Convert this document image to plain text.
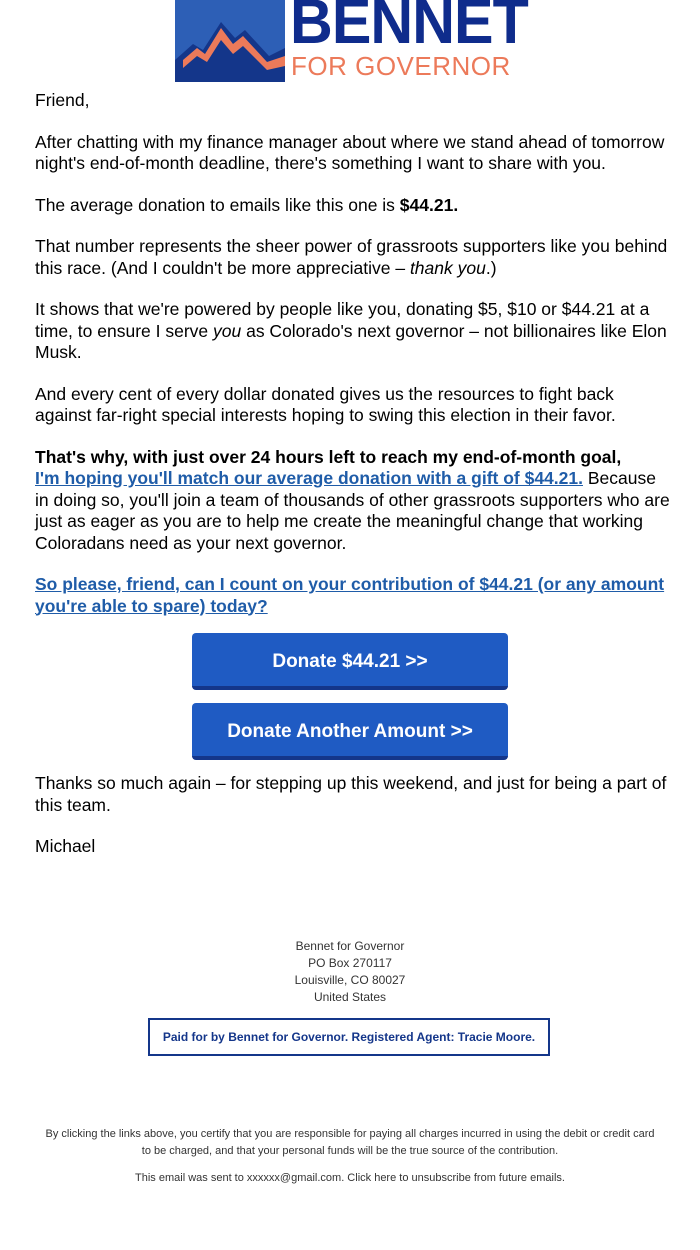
BENNET
FOR GOVERNOR

Friend,

After chatting with my finance manager about where we stand ahead of tomorrow night's end-of-month deadline, there's something I want to share with you.

The average donation to emails like this one is $44.21.

That number represents the sheer power of grassroots supporters like you behind this race. (And I couldn't be more appreciative – thank you.)

It shows that we're powered by people like you, donating $5, $10 or $44.21 at a time, to ensure I serve you as Colorado's next governor – not billionaires like Elon Musk.

And every cent of every dollar donated gives us the resources to fight back against far-right special interests hoping to swing this election in their favor.

That's why, with just over 24 hours left to reach my end-of-month goal,
I'm hoping you'll match our average donation with a gift of $44.21. Because in doing so, you'll join a team of thousands of other grassroots supporters who are just as eager as you are to help me create the meaningful change that working Coloradans need as your next governor.

So please, friend, can I count on your contribution of $44.21 (or any amount you're able to spare) today?

Donate $44.21 >>
Donate Another Amount >>

Thanks so much again – for stepping up this weekend, and just for being a part of this team.

Michael

Bennet for Governor
PO Box 270117
Louisville, CO 80027
United States
Paid for by Bennet for Governor. Registered Agent: Tracie Moore.
By clicking the links above, you certify that you are responsible for paying all charges incurred in using the debit or credit card to be charged, and that your personal funds will be the true source of the contribution.
This email was sent to xxxxxx@gmail.com. Click here to unsubscribe from future emails.
